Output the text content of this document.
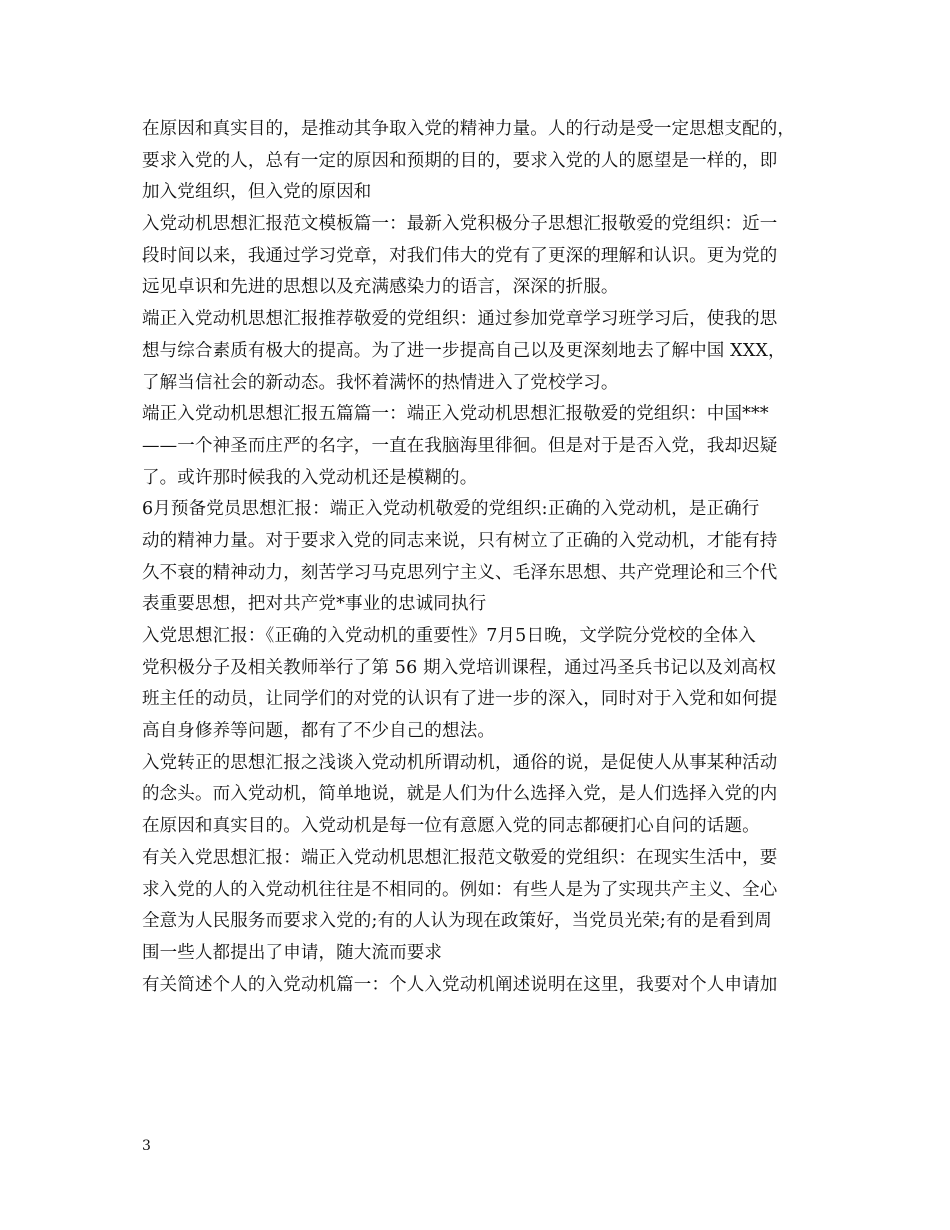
在原因和真实目的，是推动其争取入党的精神力量。人的行动是受一定思想支配的，
要求入党的人，总有一定的原因和预期的目的，要求入党的人的愿望是一样的，即
加入党组织，但入党的原因和
入党动机思想汇报范文模板篇一：最新入党积极分子思想汇报敬爱的党组织：近一
段时间以来，我通过学习党章，对我们伟大的党有了更深的理解和认识。更为党的
远见卓识和先进的思想以及充满感染力的语言，深深的折服。
端正入党动机思想汇报推荐敬爱的党组织：通过参加党章学习班学习后，使我的思
想与综合素质有极大的提高。为了进一步提高自己以及更深刻地去了解中国 XXX，
了解当信社会的新动态。我怀着满怀的热情进入了党校学习。
端正入党动机思想汇报五篇篇一：端正入党动机思想汇报敬爱的党组织：中国***
——一个神圣而庄严的名字，一直在我脑海里徘徊。但是对于是否入党，我却迟疑
了。或许那时候我的入党动机还是模糊的。
6月预备党员思想汇报：端正入党动机敬爱的党组织:正确的入党动机，是正确行
动的精神力量。对于要求入党的同志来说，只有树立了正确的入党动机，才能有持
久不衰的精神动力，刻苦学习马克思列宁主义、毛泽东思想、共产党理论和三个代
表重要思想，把对共产党*事业的忠诚同执行
入党思想汇报：《正确的入党动机的重要性》7月5日晚，文学院分党校的全体入
党积极分子及相关教师举行了第 56 期入党培训课程，通过冯圣兵书记以及刘高权
班主任的动员，让同学们的对党的认识有了进一步的深入，同时对于入党和如何提
高自身修养等问题，都有了不少自己的想法。
入党转正的思想汇报之浅谈入党动机所谓动机，通俗的说，是促使人从事某种活动
的念头。而入党动机，简单地说，就是人们为什么选择入党，是人们选择入党的内
在原因和真实目的。入党动机是每一位有意愿入党的同志都硬扪心自问的话题。
有关入党思想汇报：端正入党动机思想汇报范文敬爱的党组织：在现实生活中，要
求入党的人的入党动机往往是不相同的。例如：有些人是为了实现共产主义、全心
全意为人民服务而要求入党的;有的人认为现在政策好，当党员光荣;有的是看到周
围一些人都提出了申请，随大流而要求
有关简述个人的入党动机篇一：个人入党动机阐述说明在这里，我要对个人申请加
3
